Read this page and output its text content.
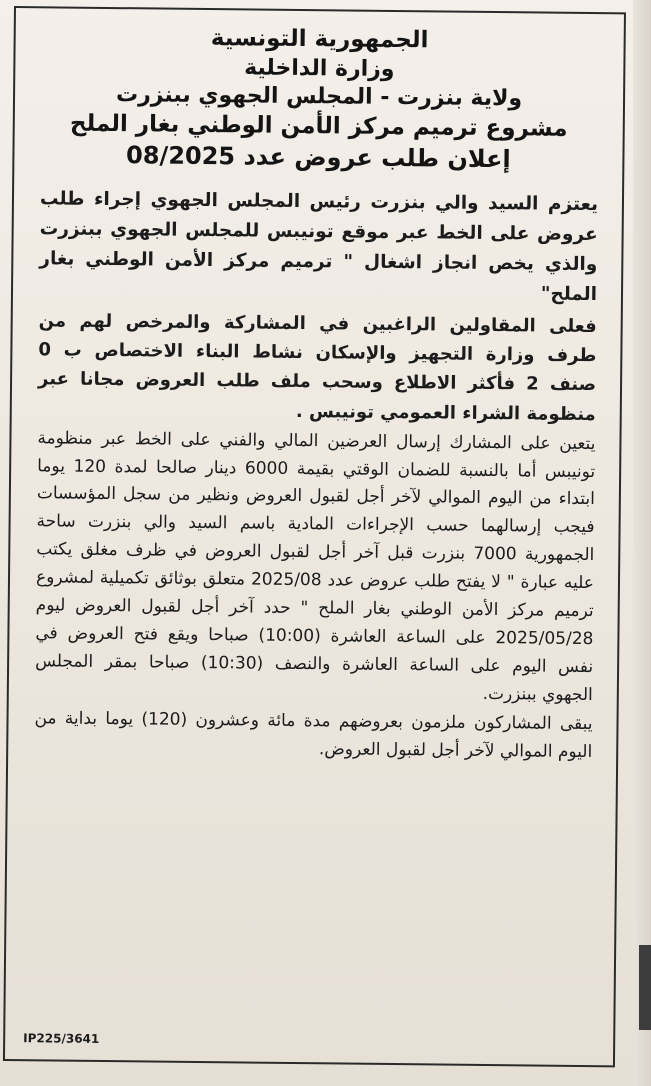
الجمهورية التونسية
وزارة الداخلية
ولاية بنزرت - المجلس الجهوي ببنزرت
مشروع ترميم مركز الأمن الوطني بغار الملح
إعلان طلب عروض عدد 08/2025

يعتزم السيد والي بنزرت رئيس المجلس الجهوي إجراء طلب عروض على الخط عبر موقع تونيبس للمجلس الجهوي ببنزرت والذي يخص انجاز اشغال " ترميم مركز الأمن الوطني بغار الملح"

فعلى المقاولين الراغبين في المشاركة والمرخص لهم من طرف وزارة التجهيز والإسكان نشاط البناء الاختصاص ب 0 صنف 2 فأكثر الاطلاع وسحب ملف طلب العروض مجانا عبر منظومة الشراء العمومي تونيبس .

يتعين على المشارك إرسال العرضين المالي والفني على الخط عبر منظومة تونيبس أما بالنسبة للضمان الوقتي بقيمة 6000 دينار صالحا لمدة 120 يوما ابتداء من اليوم الموالي لآخر أجل لقبول العروض ونظير من سجل المؤسسات فيجب إرسالهما حسب الإجراءات المادية باسم السيد والي بنزرت ساحة الجمهورية 7000 بنزرت قبل آخر أجل لقبول العروض في ظرف مغلق يكتب عليه عبارة " لا يفتح طلب عروض عدد 2025/08 متعلق بوثائق تكميلية لمشروع ترميم مركز الأمن الوطني بغار الملح " حدد آخر أجل لقبول العروض ليوم 2025/05/28 على الساعة العاشرة (10:00) صباحا ويقع فتح العروض في نفس اليوم على الساعة العاشرة والنصف (10:30) صباحا بمقر المجلس الجهوي ببنزرت.

يبقى المشاركون ملزمون بعروضهم مدة مائة وعشرون (120) يوما بداية من اليوم الموالي لآخر أجل لقبول العروض.

IP225/3641
